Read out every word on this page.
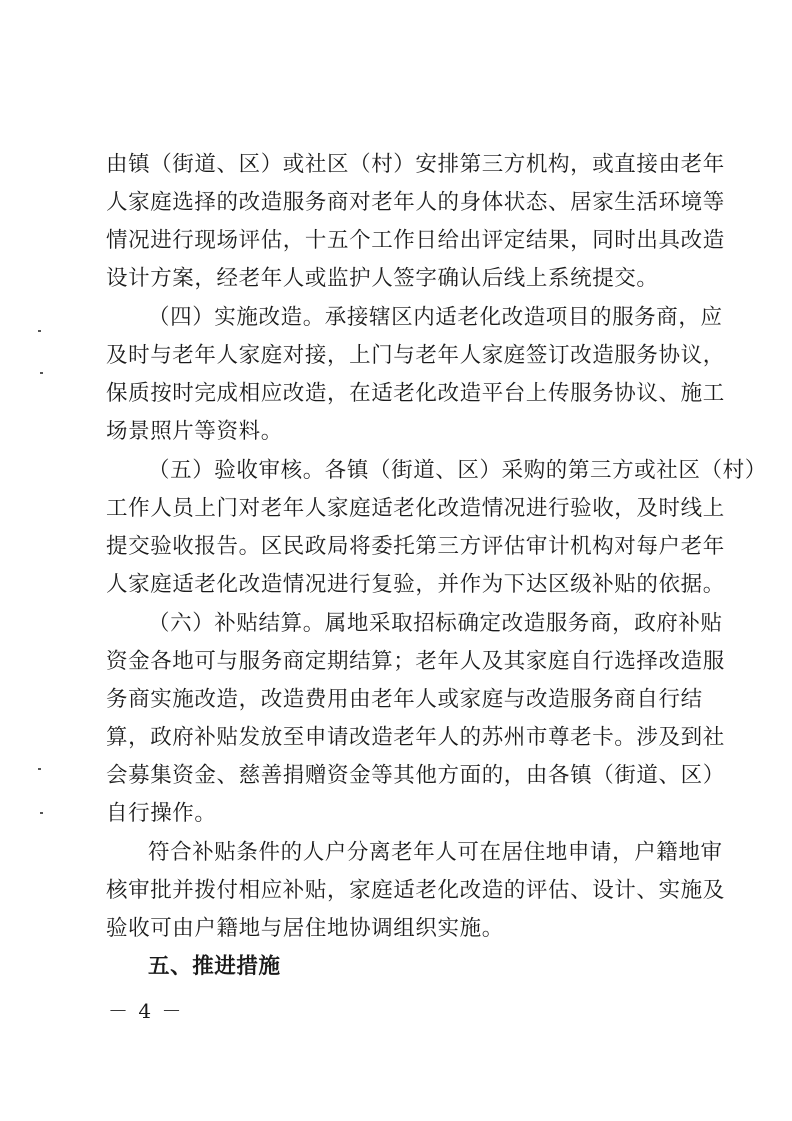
由镇（街道、区）或社区（村）安排第三方机构，或直接由老年
人家庭选择的改造服务商对老年人的身体状态、居家生活环境等
情况进行现场评估，十五个工作日给出评定结果，同时出具改造
设计方案，经老年人或监护人签字确认后线上系统提交。
（四）实施改造。承接辖区内适老化改造项目的服务商，应
及时与老年人家庭对接，上门与老年人家庭签订改造服务协议，
保质按时完成相应改造，在适老化改造平台上传服务协议、施工
场景照片等资料。
（五）验收审核。各镇（街道、区）采购的第三方或社区（村）
工作人员上门对老年人家庭适老化改造情况进行验收，及时线上
提交验收报告。区民政局将委托第三方评估审计机构对每户老年
人家庭适老化改造情况进行复验，并作为下达区级补贴的依据。
（六）补贴结算。属地采取招标确定改造服务商，政府补贴
资金各地可与服务商定期结算；老年人及其家庭自行选择改造服
务商实施改造，改造费用由老年人或家庭与改造服务商自行结
算，政府补贴发放至申请改造老年人的苏州市尊老卡。涉及到社
会募集资金、慈善捐赠资金等其他方面的，由各镇（街道、区）
自行操作。
符合补贴条件的人户分离老年人可在居住地申请，户籍地审
核审批并拨付相应补贴，家庭适老化改造的评估、设计、实施及
验收可由户籍地与居住地协调组织实施。
五、推进措施
－ 4 －
